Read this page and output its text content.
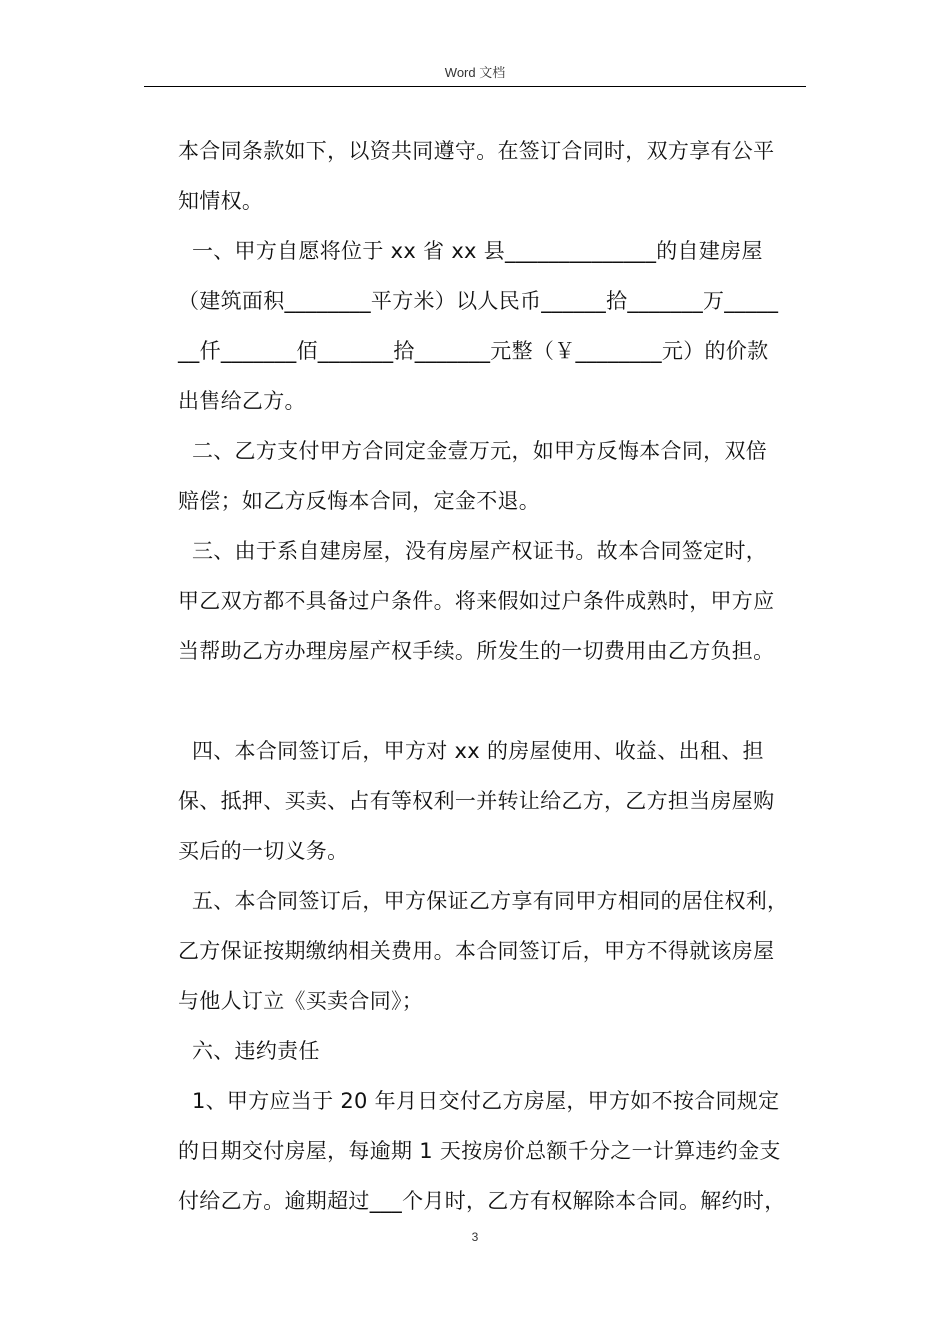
Word 文档
本合同条款如下，以资共同遵守。在签订合同时，双方享有公平
知情权。
一、甲方自愿将位于 xx 省 xx 县______________的自建房屋
（建筑面积________平方米）以人民币______拾_______万_____
__仟_______佰_______拾_______元整（￥________元）的价款
出售给乙方。
二、乙方支付甲方合同定金壹万元，如甲方反悔本合同，双倍
赔偿；如乙方反悔本合同，定金不退。
三、由于系自建房屋，没有房屋产权证书。故本合同签定时，
甲乙双方都不具备过户条件。将来假如过户条件成熟时，甲方应
当帮助乙方办理房屋产权手续。所发生的一切费用由乙方负担。
四、本合同签订后，甲方对 xx 的房屋使用、收益、出租、担
保、抵押、买卖、占有等权利一并转让给乙方，乙方担当房屋购
买后的一切义务。
五、本合同签订后，甲方保证乙方享有同甲方相同的居住权利，
乙方保证按期缴纳相关费用。本合同签订后，甲方不得就该房屋
与他人订立《买卖合同》；
六、违约责任
1、甲方应当于 20 年月日交付乙方房屋，甲方如不按合同规定
的日期交付房屋，每逾期 1 天按房价总额千分之一计算违约金支
付给乙方。逾期超过___个月时，乙方有权解除本合同。解约时，
3
